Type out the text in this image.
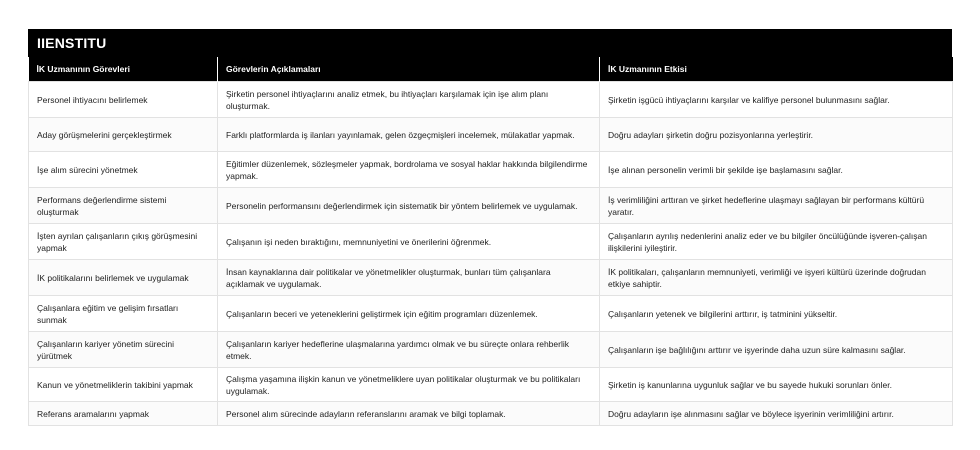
IIENSTITU
İK Uzmanının Görevleri	Görevlerin Açıklamaları	İK Uzmanının Etkisi
Personel ihtiyacını belirlemek	Şirketin personel ihtiyaçlarını analiz etmek, bu ihtiyaçları karşılamak için işe alım planı oluşturmak.	Şirketin işgücü ihtiyaçlarını karşılar ve kalifiye personel bulunmasını sağlar.
Aday görüşmelerini gerçekleştirmek	Farklı platformlarda iş ilanları yayınlamak, gelen özgeçmişleri incelemek, mülakatlar yapmak.	Doğru adayları şirketin doğru pozisyonlarına yerleştirir.
İşe alım sürecini yönetmek	Eğitimler düzenlemek, sözleşmeler yapmak, bordrolama ve sosyal haklar hakkında bilgilendirme yapmak.	İşe alınan personelin verimli bir şekilde işe başlamasını sağlar.
Performans değerlendirme sistemi oluşturmak	Personelin performansını değerlendirmek için sistematik bir yöntem belirlemek ve uygulamak.	İş verimliliğini arttıran ve şirket hedeflerine ulaşmayı sağlayan bir performans kültürü yaratır.
İşten ayrılan çalışanların çıkış görüşmesini yapmak	Çalışanın işi neden bıraktığını, memnuniyetini ve önerilerini öğrenmek.	Çalışanların ayrılış nedenlerini analiz eder ve bu bilgiler öncülüğünde işveren-çalışan ilişkilerini iyileştirir.
İK politikalarını belirlemek ve uygulamak	İnsan kaynaklarına dair politikalar ve yönetmelikler oluşturmak, bunları tüm çalışanlara açıklamak ve uygulamak.	İK politikaları, çalışanların memnuniyeti, verimliği ve işyeri kültürü üzerinde doğrudan etkiye sahiptir.
Çalışanlara eğitim ve gelişim fırsatları sunmak	Çalışanların beceri ve yeteneklerini geliştirmek için eğitim programları düzenlemek.	Çalışanların yetenek ve bilgilerini arttırır, iş tatminini yükseltir.
Çalışanların kariyer yönetim sürecini yürütmek	Çalışanların kariyer hedeflerine ulaşmalarına yardımcı olmak ve bu süreçte onlara rehberlik etmek.	Çalışanların işe bağlılığını arttırır ve işyerinde daha uzun süre kalmasını sağlar.
Kanun ve yönetmeliklerin takibini yapmak	Çalışma yaşamına ilişkin kanun ve yönetmeliklere uyan politikalar oluşturmak ve bu politikaları uygulamak.	Şirketin iş kanunlarına uygunluk sağlar ve bu sayede hukuki sorunları önler.
Referans aramalarını yapmak	Personel alım sürecinde adayların referanslarını aramak ve bilgi toplamak.	Doğru adayların işe alınmasını sağlar ve böylece işyerinin verimliliğini artırır.
